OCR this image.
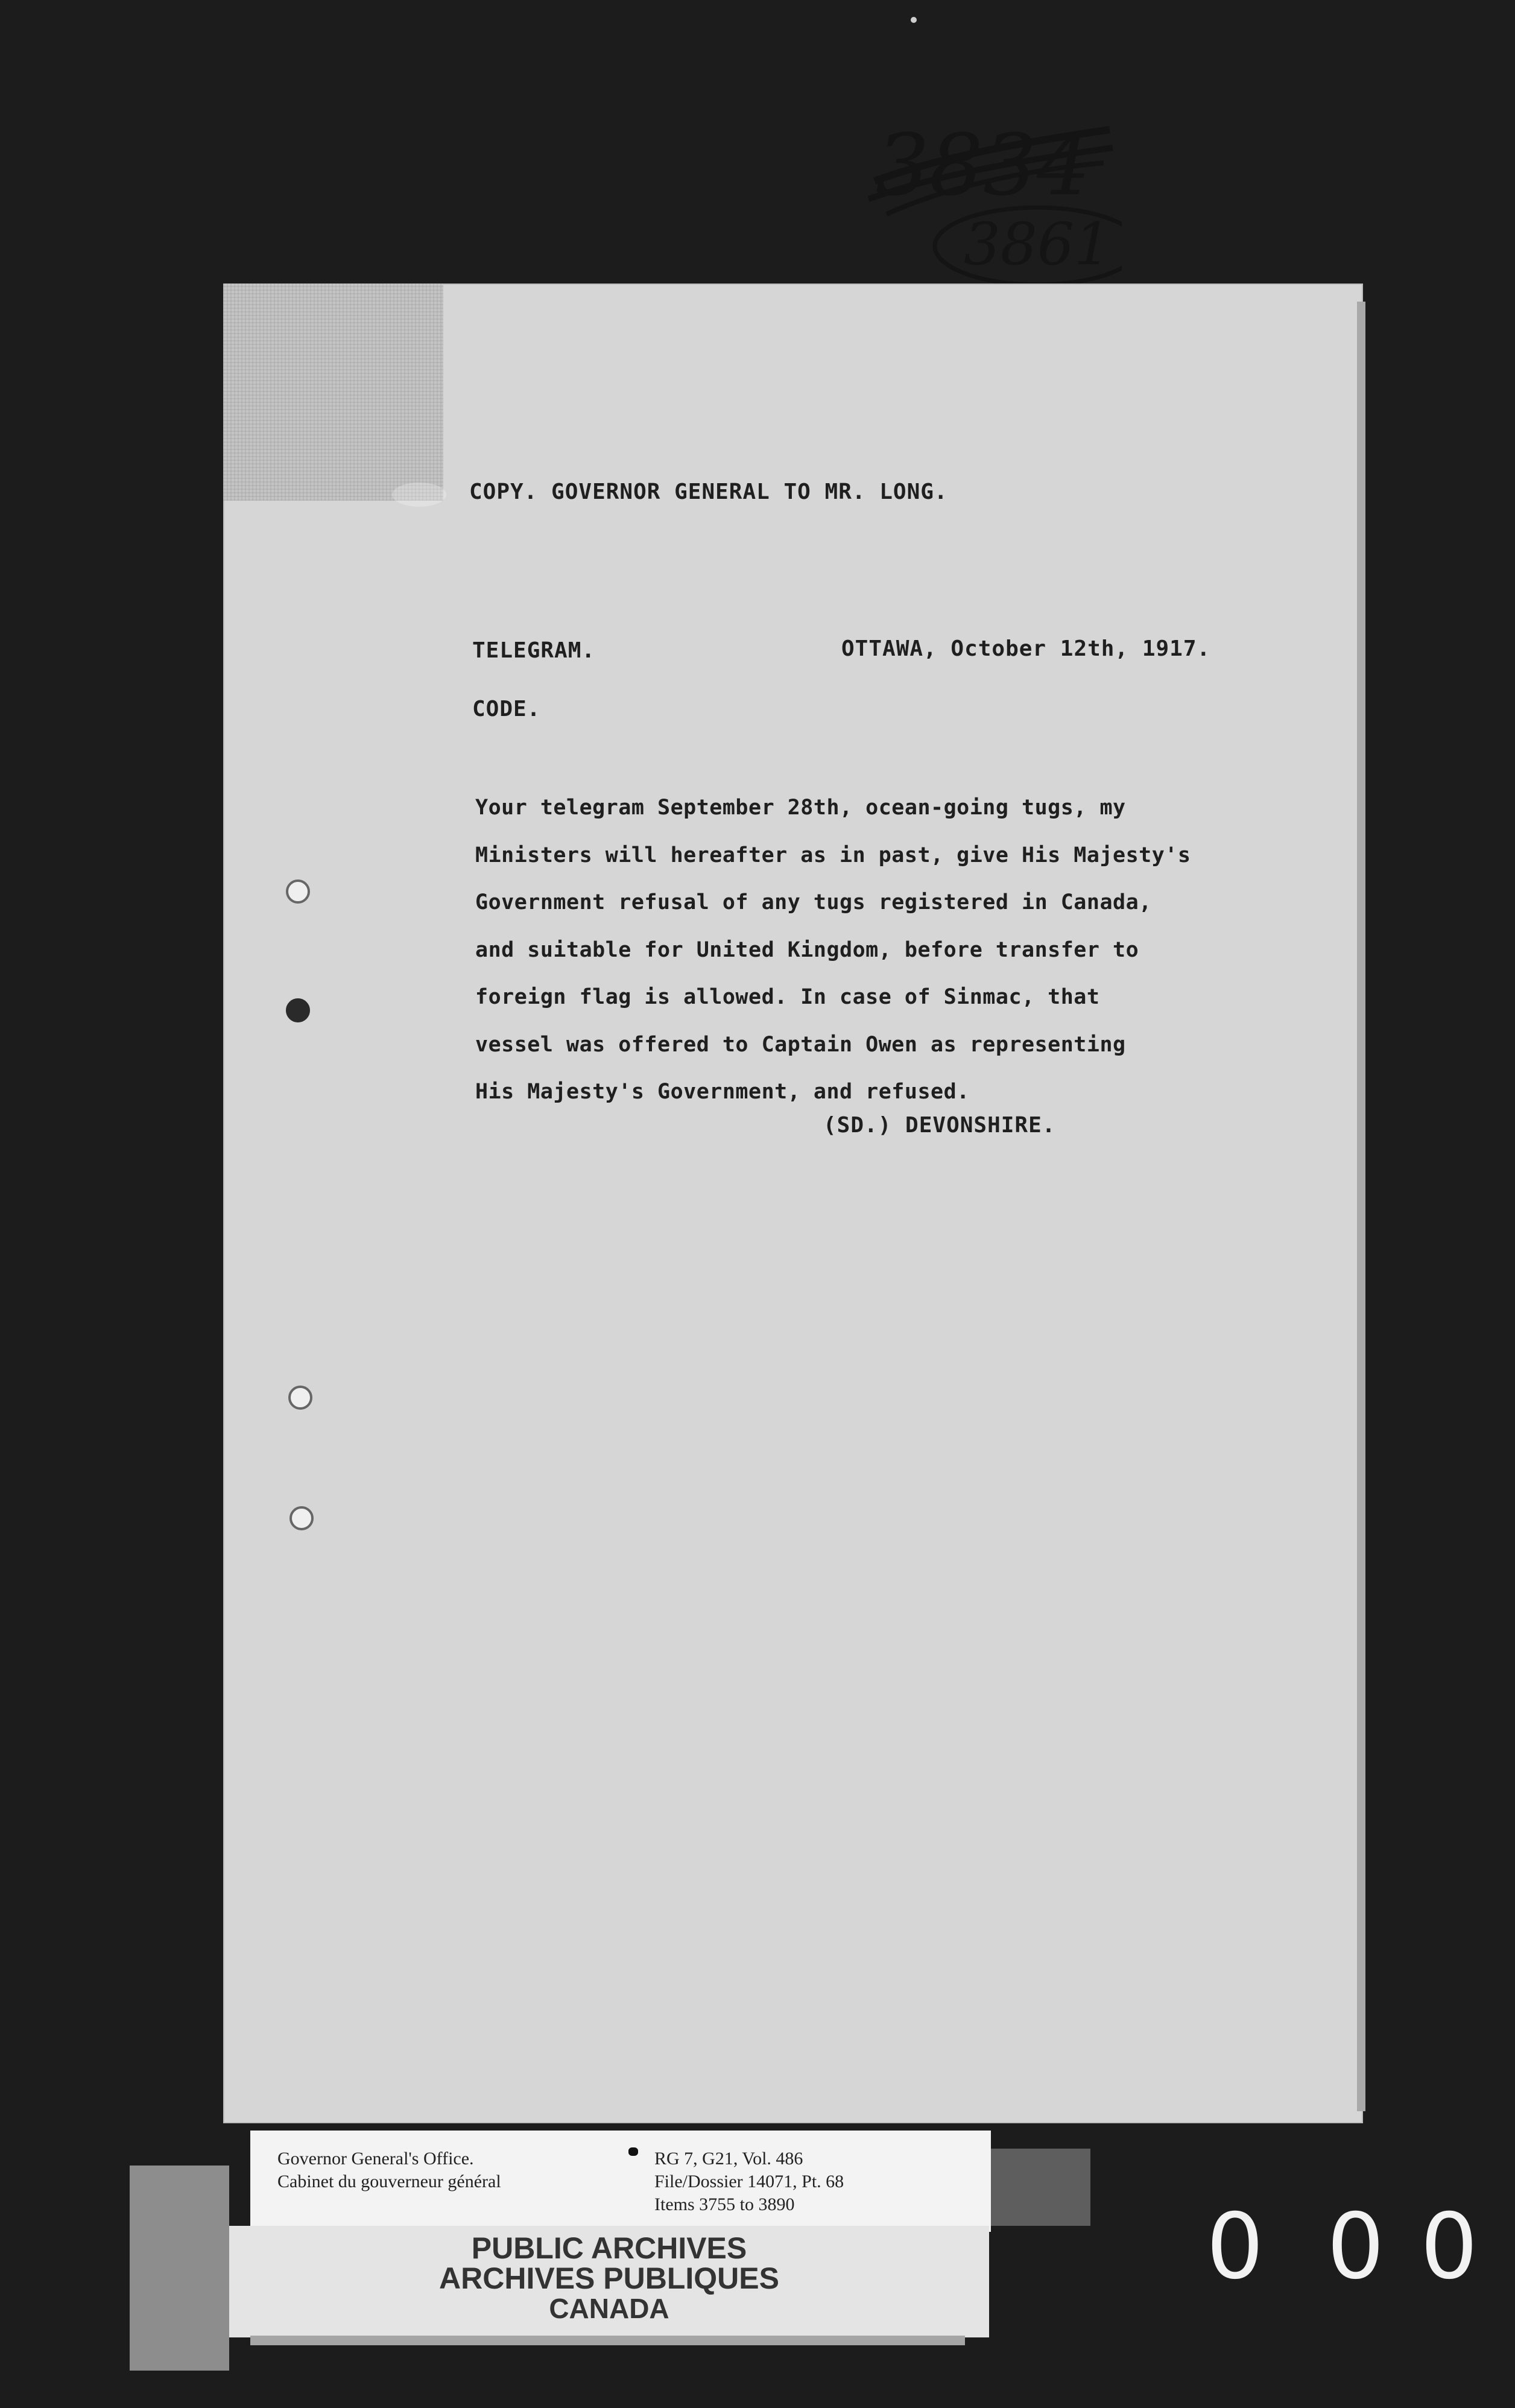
COPY. GOVERNOR GENERAL TO MR. LONG.
3834
3861
TELEGRAM.	OTTAWA, October 12th, 1917.
CODE.
Your telegram September 28th, ocean-going tugs, my
Ministers will hereafter as in past, give His Majesty's
Government refusal of any tugs registered in Canada,
and suitable for United Kingdom, before transfer to
foreign flag is allowed. In case of Sinmac, that
vessel was offered to Captain Owen as representing
His Majesty's Government, and refused.
(SD.) DEVONSHIRE.
Governor General's Office.
Cabinet du gouverneur général
RG 7, G21, Vol. 486
File/Dossier 14071, Pt. 68
Items 3755 to 3890
PUBLIC ARCHIVES
ARCHIVES PUBLIQUES
CANADA
0 0 0
